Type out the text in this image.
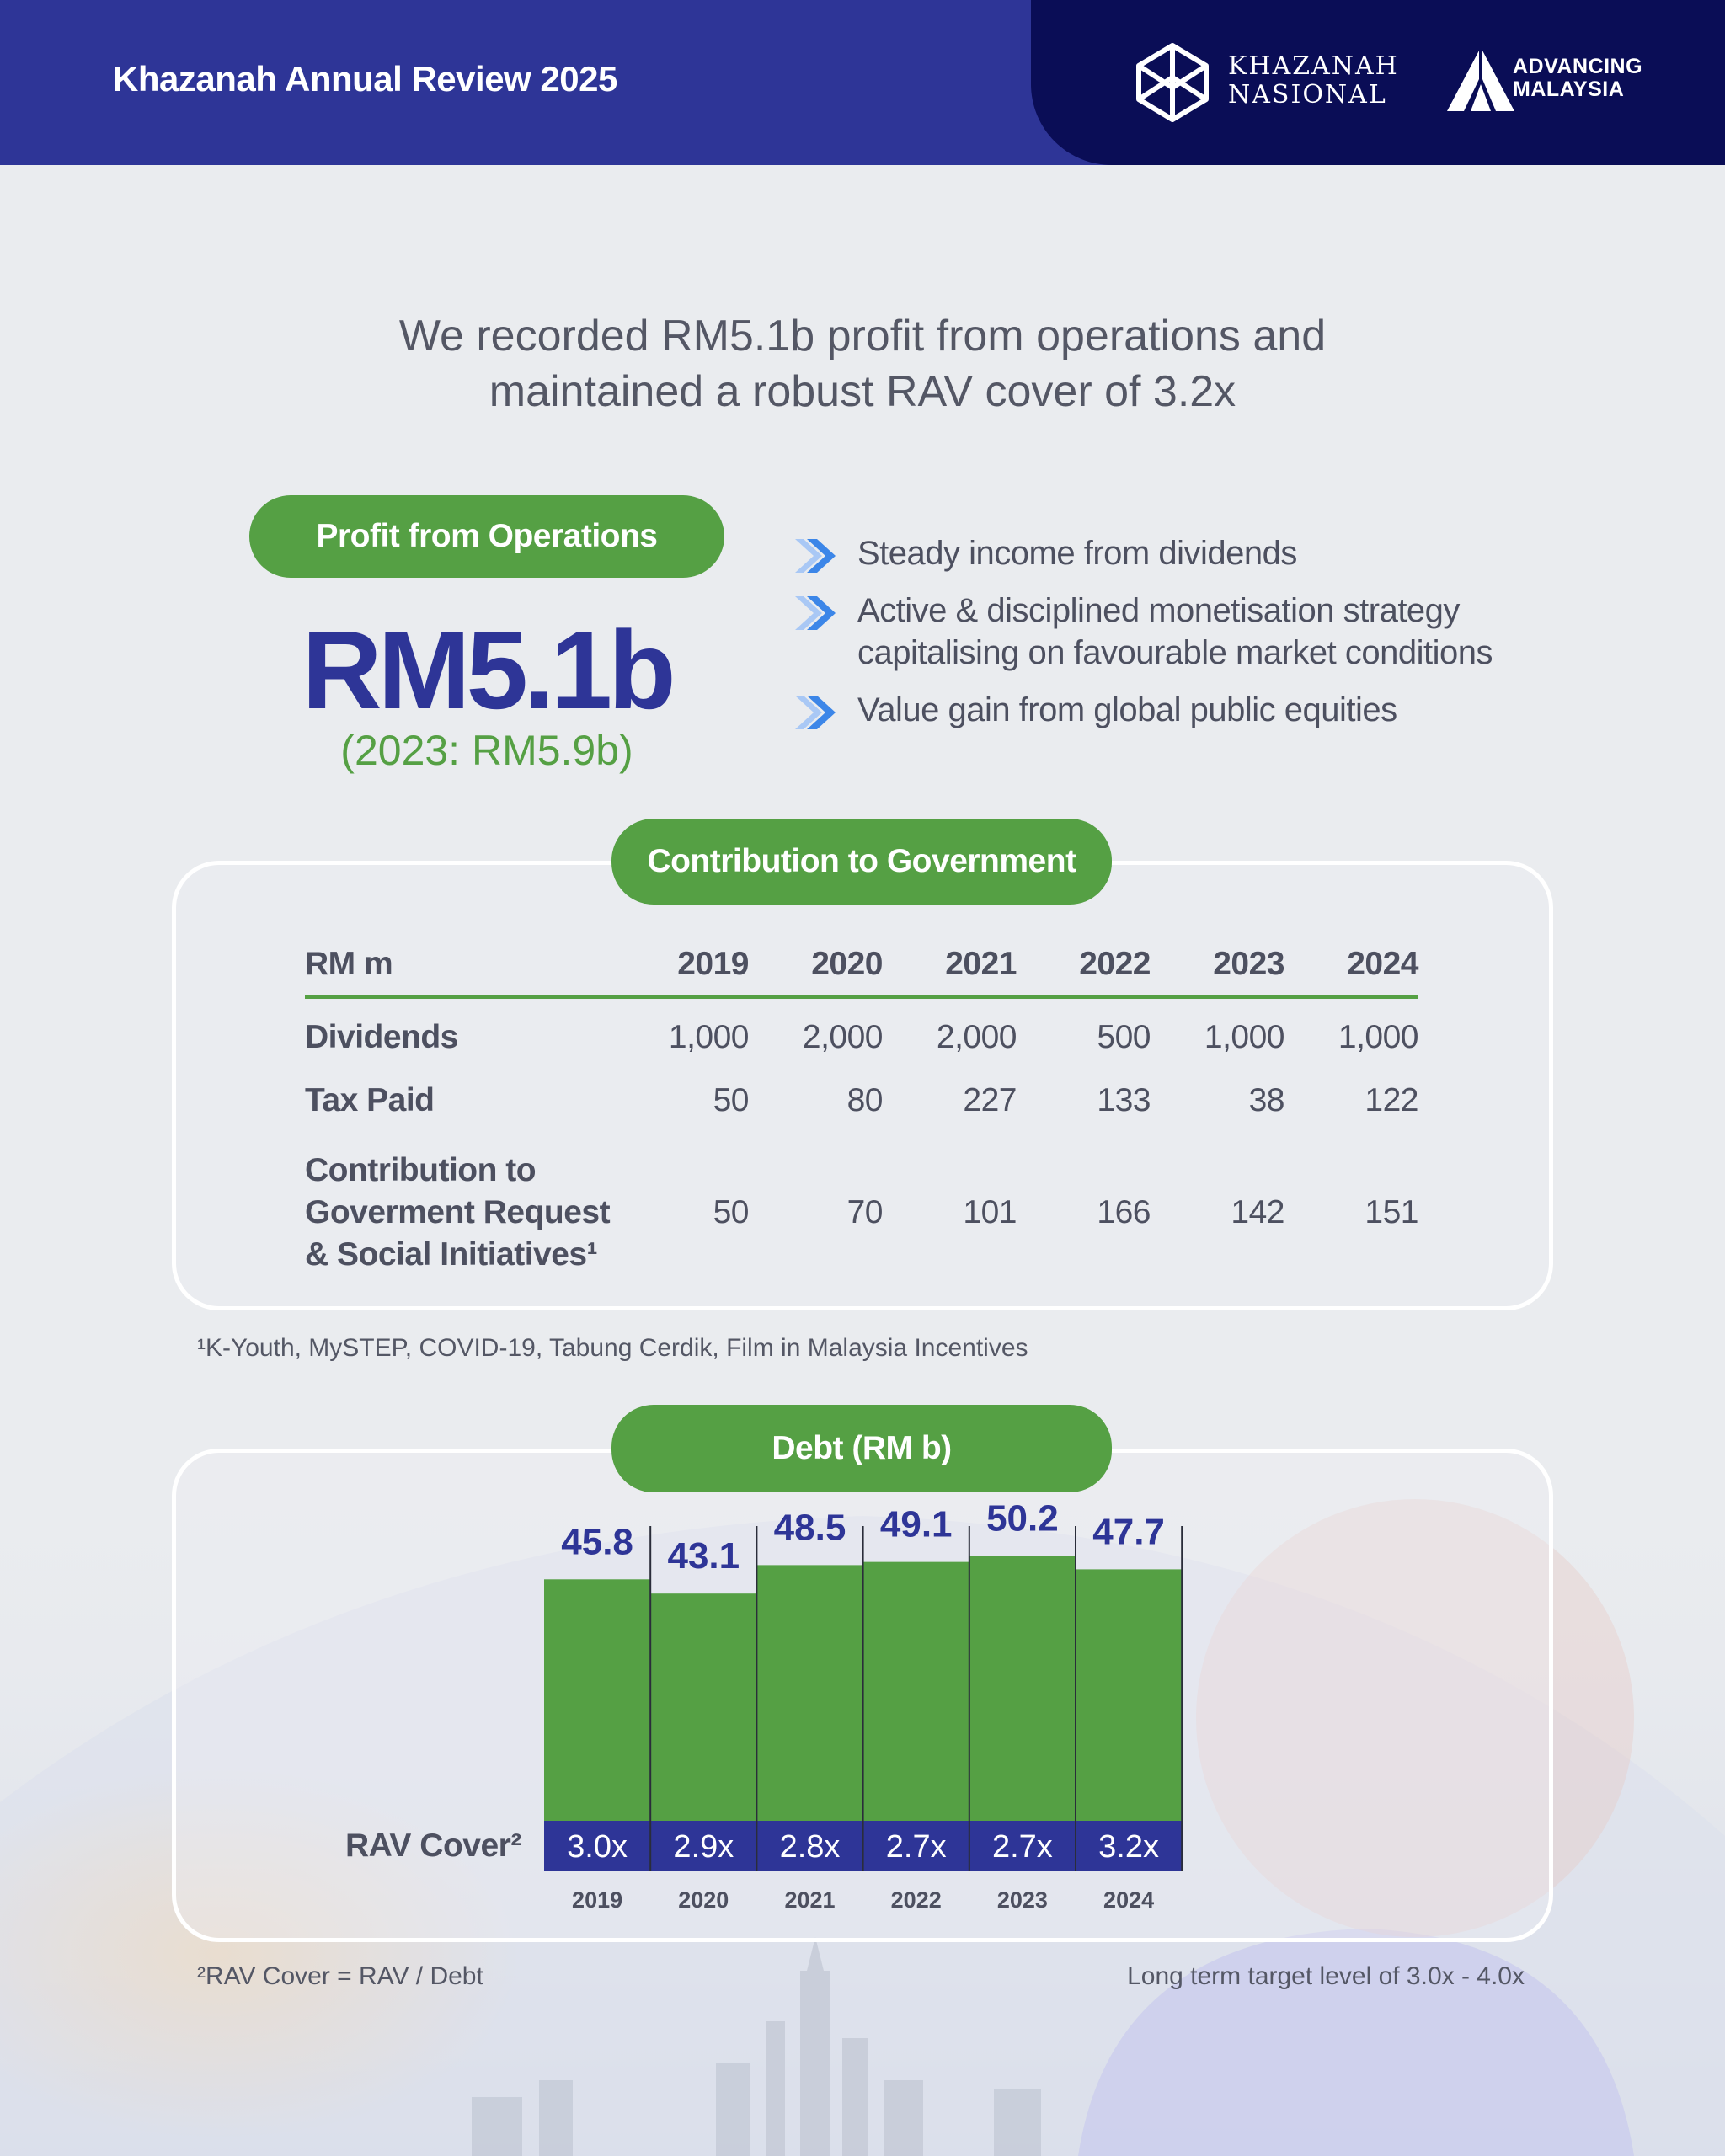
Khazanah Annual Review 2025	KHAZANAH
NASIONAL
ADVANCING
MALAYSIA
We recorded RM5.1b profit from operations and
maintained a robust RAV cover of 3.2x
Profit from Operations
RM5.1b
(2023: RM5.9b)
Steady income from dividends
Active & disciplined monetisation strategy
capitalising on favourable market conditions
Value gain from global public equities
Contribution to Government
RM m	2019	2020	2021	2022	2023	2024
Dividends	1,000	2,000	2,000	500	1,000	1,000
Tax Paid	50	80	227	133	38	122

Contribution to
Goverment Request
& Social Initiatives¹	50	70	101	166	142	151
¹K-Youth, MySTEP, COVID-19, Tabung Cerdik, Film in Malaysia Incentives
Debt (RM b)
45.8 43.1
48.5 49.1 50.2 47.7
3.0x 2.9x 2.8x 2.7x 2.7x 3.2x
2019 2020 2021 2022 2023 2024
RAV Cover²
²RAV Cover = RAV / Debt	Long term target level of 3.0x - 4.0x
